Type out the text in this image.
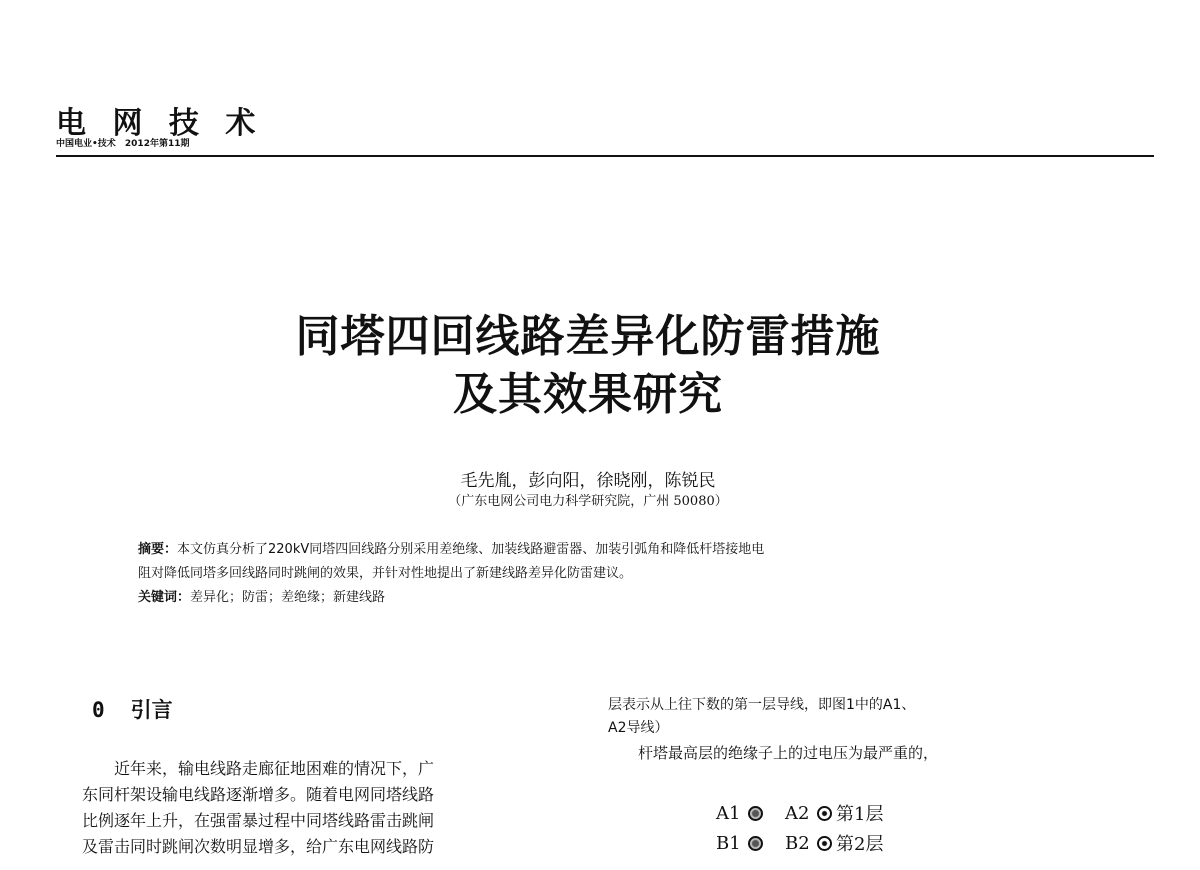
电 网 技 术
中国电业•技术 2012年第11期
同塔四回线路差异化防雷措施
及其效果研究
毛先胤，彭向阳，徐晓刚，陈锐民
（广东电网公司电力科学研究院，广州 50080）
摘要：本文仿真分析了220kV同塔四回线路分别采用差绝缘、加装线路避雷器、加装引弧角和降低杆塔接地电
阻对降低同塔多回线路同时跳闸的效果，并针对性地提出了新建线路差异化防雷建议。
关键词：差异化；防雷；差绝缘；新建线路
0 引言

近年来，输电线路走廊征地困难的情况下，广

东同杆架设输电线路逐渐增多。随着电网同塔线路
比例逐年上升，在强雷暴过程中同塔线路雷击跳闸
及雷击同时跳闸次数明显增多，给广东电网线路防

层表示从上往下数的第一层导线，即图1中的A1、

A2导线）

杆塔最高层的绝缘子上的过电压为最严重的，

A1 A2 第1层
B1 B2 第2层
